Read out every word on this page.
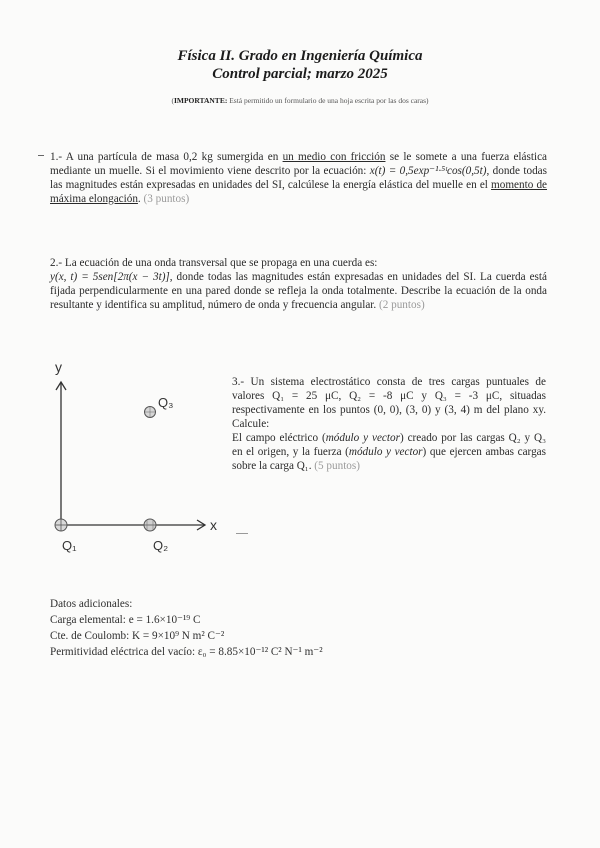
Física II. Grado en Ingeniería Química
Control parcial; marzo 2025
(IMPORTANTE: Está permitido un formulario de una hoja escrita por las dos caras)

1.- A una partícula de masa 0,2 kg sumergida en un medio con fricción se le somete a una fuerza elástica mediante un muelle. Si el movimiento viene descrito por la ecuación: x(t) = 0,5exp⁻¹·⁵ᵗcos(0,5t), donde todas las magnitudes están expresadas en unidades del SI, calcúlese la energía elástica del muelle en el momento de máxima elongación. (3 puntos)

2.- La ecuación de una onda transversal que se propaga en una cuerda es:
y(x, t) = 5sen[2π(x − 3t)], donde todas las magnitudes están expresadas en unidades del SI. La cuerda está fijada perpendicularmente en una pared donde se refleja la onda totalmente. Describe la ecuación de la onda resultante y identifica su amplitud, número de onda y frecuencia angular. (2 puntos)

y
x
Q₁	Q₂
Q₃

3.- Un sistema electrostático consta de tres cargas puntuales de valores Q₁ = 25 μC, Q₂ = -8 μC y Q₃ = -3 μC, situadas respectivamente en los puntos (0, 0), (3, 0) y (3, 4) m del plano xy. Calcule:
El campo eléctrico (módulo y vector) creado por las cargas Q₂ y Q₃ en el origen, y la fuerza (módulo y vector) que ejercen ambas cargas sobre la carga Q₁. (5 puntos)

Datos adicionales:
Carga elemental: e = 1.6×10⁻¹⁹ C
Cte. de Coulomb: K = 9×10⁹ N m² C⁻²
Permitividad eléctrica del vacío: ε₀ = 8.85×10⁻¹² C² N⁻¹ m⁻²
